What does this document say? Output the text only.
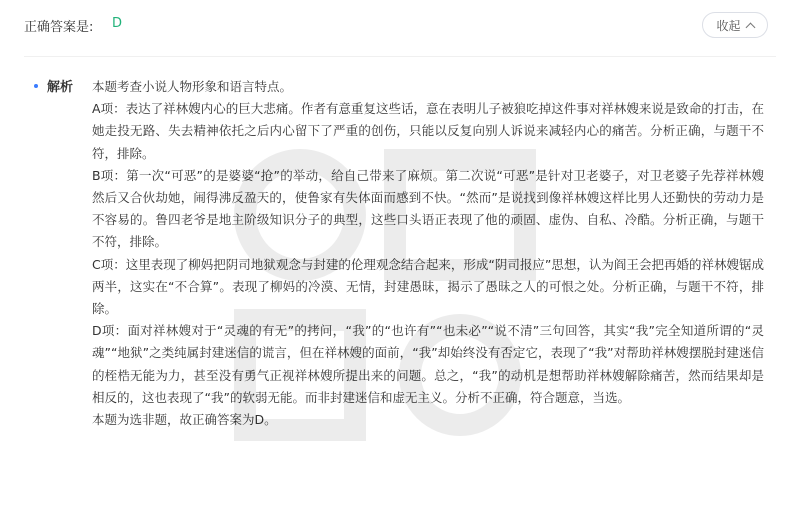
正确答案是: D	收起
解析 本题考查小说人物形象和语言特点。

A项：表达了祥林嫂内心的巨大悲痛。作者有意重复这些话，意在表明儿子被狼吃掉这件事对祥林嫂来说是致命的打击，在她走投无路、失去精神依托之后内心留下了严重的创伤，只能以反复向别人诉说来减轻内心的痛苦。分析正确，与题干不符，排除。

B项：第一次“可恶”的是婆婆“抢”的举动，给自己带来了麻烦。第二次说“可恶”是针对卫老婆子，对卫老婆子先荐祥林嫂然后又合伙劫她，闹得沸反盈天的，使鲁家有失体面而感到不快。“然而”是说找到像祥林嫂这样比男人还勤快的劳动力是不容易的。鲁四老爷是地主阶级知识分子的典型，这些口头语正表现了他的顽固、虚伪、自私、冷酷。分析正确，与题干不符，排除。

C项：这里表现了柳妈把阴司地狱观念与封建的伦理观念结合起来，形成“阴司报应”思想，认为阎王会把再婚的祥林嫂锯成两半，这实在“不合算”。表现了柳妈的冷漠、无情，封建愚昧，揭示了愚昧之人的可恨之处。分析正确，与题干不符，排除。

D项：面对祥林嫂对于“灵魂的有无”的拷问，“我”的“也许有”“也未必”“说不清”三句回答，其实“我”完全知道所谓的“灵魂”“地狱”之类纯属封建迷信的谎言，但在祥林嫂的面前，“我”却始终没有否定它，表现了“我”对帮助祥林嫂摆脱封建迷信的桎梏无能为力，甚至没有勇气正视祥林嫂所提出来的问题。总之，“我”的动机是想帮助祥林嫂解除痛苦，然而结果却是相反的，这也表现了“我”的软弱无能。而非封建迷信和虚无主义。分析不正确，符合题意，当选。

本题为选非题，故正确答案为D。
